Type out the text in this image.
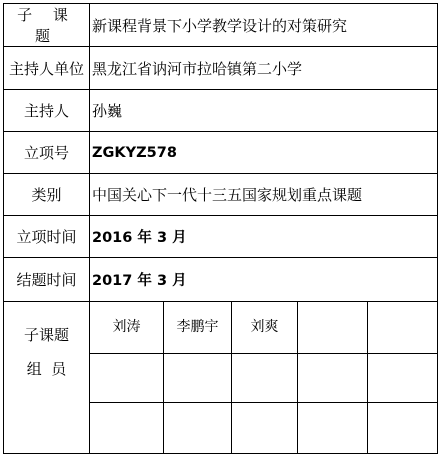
子 课 题	新课程背景下小学教学设计的对策研究				
主持人单位	黑龙江省讷河市拉哈镇第二小学				
主持人	孙巍				
立项号	ZGKYZ578				
类别	中国关心下一代十三五国家规划重点课题				
立项时间	2016 年 3 月				
结题时间	2017 年 3 月				

子课题
组  员	刘涛	李鹏宇	刘爽		
